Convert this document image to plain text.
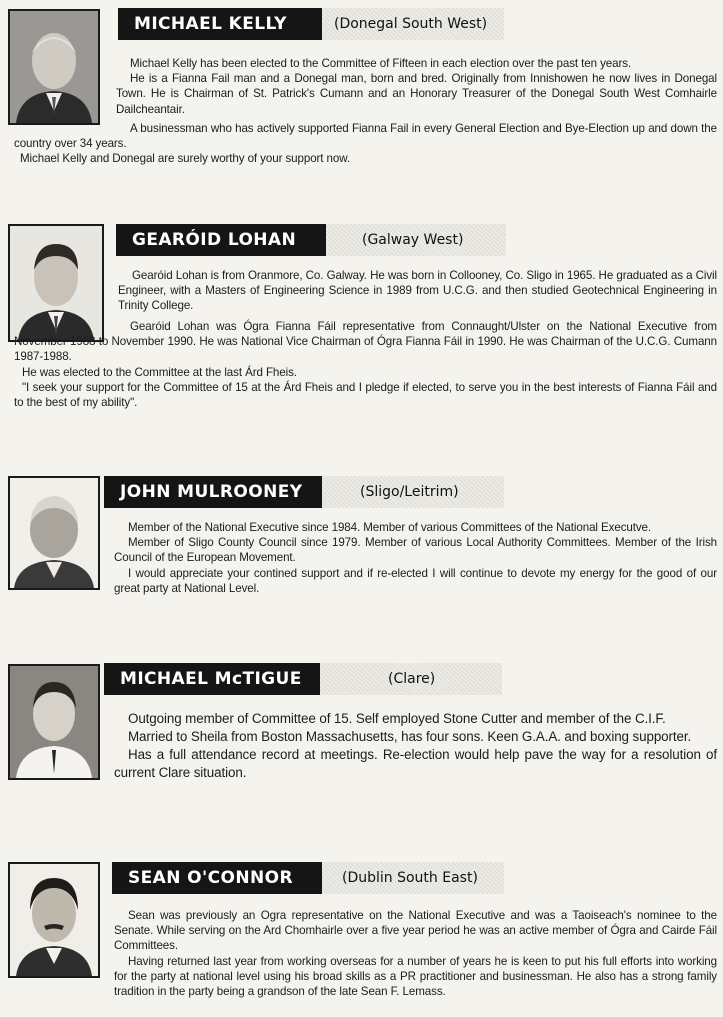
MICHAEL KELLY	(Donegal South West)

Michael Kelly has been elected to the Committee of Fifteen in each election over the past ten years.

He is a Fianna Fail man and a Donegal man, born and bred. Originally from Innishowen he now lives in Donegal Town. He is Chairman of St. Patrick's Cumann and an Honorary Treasurer of the Donegal South West Comhairle Dailcheantair.

A businessman who has actively supported Fianna Fail in every General Election and Bye-Election up and down the country over 34 years.

Michael Kelly and Donegal are surely worthy of your support now.

GEARÓID LOHAN	(Galway West)

Gearóid Lohan is from Oranmore, Co. Galway. He was born in Collooney, Co. Sligo in 1965. He graduated as a Civil Engineer, with a Masters of Engineering Science in 1989 from U.C.G. and then studied Geotechnical Engineering in Trinity College.

Gearóid Lohan was Ógra Fianna Fáil representative from Connaught/Ulster on the National Executive from November 1988 to November 1990. He was National Vice Chairman of Ógra Fianna Fáil in 1990. He was Chairman of the U.C.G. Cumann 1987-1988.

He was elected to the Committee at the last Árd Fheis.

"I seek your support for the Committee of 15 at the Árd Fheis and I pledge if elected, to serve you in the best interests of Fianna Fáil and to the best of my ability".

JOHN MULROONEY	(Sligo/Leitrim)

Member of the National Executive since 1984. Member of various Committees of the National Executve.

Member of Sligo County Council since 1979. Member of various Local Authority Committees. Member of the Irish Council of the European Movement.

I would appreciate your contined support and if re-elected I will continue to devote my energy for the good of our great party at National Level.

MICHAEL McTIGUE	(Clare)

Outgoing member of Committee of 15. Self employed Stone Cutter and member of the C.I.F.

Married to Sheila from Boston Massachusetts, has four sons. Keen G.A.A. and boxing supporter.

Has a full attendance record at meetings. Re-election would help pave the way for a resolution of current Clare situation.

SEAN O'CONNOR	(Dublin South East)

Sean was previously an Ogra representative on the National Executive and was a Taoiseach's nominee to the Senate. While serving on the Ard Chomhairle over a five year period he was an active member of Ógra and Cairde Fáil Committees.

Having returned last year from working overseas for a number of years he is keen to put his full efforts into working for the party at national level using his broad skills as a PR practitioner and businessman. He also has a strong family tradition in the party being a grandson of the late Sean F. Lemass.
